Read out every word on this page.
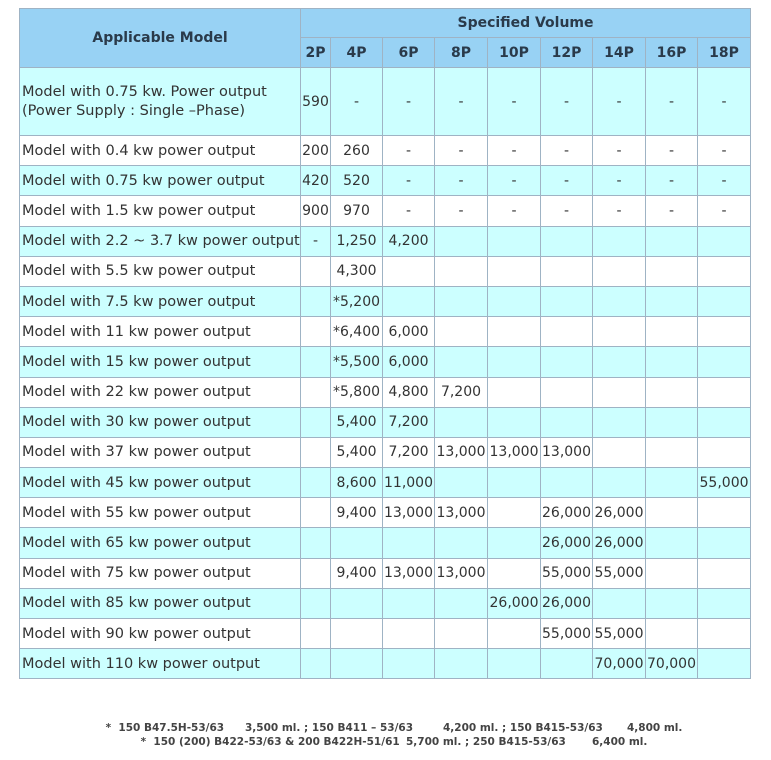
Applicable Model	Specified Volume								
	2P	4P	6P	8P	10P	12P	14P	16P	18P

Model with 0.75 kw. Power output
(Power Supply : Single –Phase)	590	-	-	-	-	-	-	-	-

Model with 0.4 kw power output	200	260	-	-	-	-	-	-	-

Model with 0.75 kw power output	420	520	-	-	-	-	-	-	-

Model with 1.5 kw power output	900	970	-	-	-	-	-	-	-

Model with 2.2 ~ 3.7 kw power output	-	1,250	4,200						

Model with 5.5 kw power output		4,300							

Model with 7.5 kw power output		*5,200							

Model with 11 kw power output		*6,400	6,000						

Model with 15 kw power output		*5,500	6,000						

Model with 22 kw power output		*5,800	4,800	7,200					

Model with 30 kw power output		5,400	7,200						

Model with 37 kw power output		5,400	7,200	13,000	13,000	13,000			

Model with 45 kw power output		8,600	11,000						55,000

Model with 55 kw power output		9,400	13,000	13,000		26,000	26,000		

Model with 65 kw power output						26,000	26,000		

Model with 75 kw power output		9,400	13,000	13,000		55,000	55,000		

Model with 85 kw power output					26,000	26,000			

Model with 90 kw power output						55,000	55,000		

Model with 110 kw power output							70,000	70,000	

*  150 B47.5H-53/63 3,500 ml. ; 150 B411 – 53/63	4,200 ml. ; 150 B415-53/63 4,800 ml.

*  150 (200) B422-53/63 & 200 B422H-51/61 5,700 ml. ; 250 B415-53/63 6,400 ml.
